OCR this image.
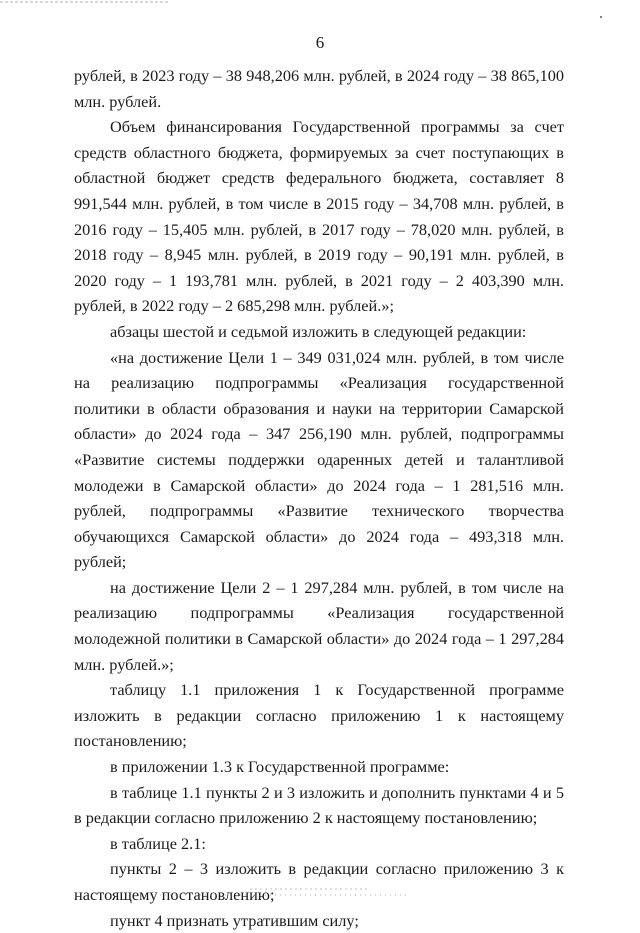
6

рублей, в 2023 году – 38 948,206 млн. рублей, в 2024 году – 38 865,100 млн. рублей.

Объем финансирования Государственной программы за счет средств областного бюджета, формируемых за счет поступающих в областной бюджет средств федерального бюджета, составляет 8 991,544 млн. рублей, в том числе в 2015 году – 34,708 млн. рублей, в 2016 году – 15,405 млн. рублей, в 2017 году – 78,020 млн. рублей, в 2018 году – 8,945 млн. рублей, в 2019 году – 90,191 млн. рублей, в 2020 году – 1 193,781 млн. рублей, в 2021 году – 2 403,390 млн. рублей, в 2022 году – 2 685,298 млн. рублей.»;

абзацы шестой и седьмой изложить в следующей редакции:

«на достижение Цели 1 – 349 031,024 млн. рублей, в том числе на реализацию подпрограммы «Реализация государственной политики в области образования и науки на территории Самарской области» до 2024 года – 347 256,190 млн. рублей, подпрограммы «Развитие системы поддержки одаренных детей и талантливой молодежи в Самарской области» до 2024 года – 1 281,516 млн. рублей, подпрограммы «Развитие технического творчества обучающихся Самарской области» до 2024 года – 493,318 млн. рублей;

на достижение Цели 2 – 1 297,284 млн. рублей, в том числе на реализацию подпрограммы «Реализация государственной молодежной политики в Самарской области» до 2024 года – 1 297,284 млн. рублей.»;

таблицу 1.1 приложения 1 к Государственной программе изложить в редакции согласно приложению 1 к настоящему постановлению;

в приложении 1.3 к Государственной программе:

в таблице 1.1 пункты 2 и 3 изложить и дополнить пунктами 4 и 5 в редакции согласно приложению 2 к настоящему постановлению;

в таблице 2.1:

пункты 2 – 3 изложить в редакции согласно приложению 3 к настоящему постановлению;

пункт 4 признать утратившим силу;
